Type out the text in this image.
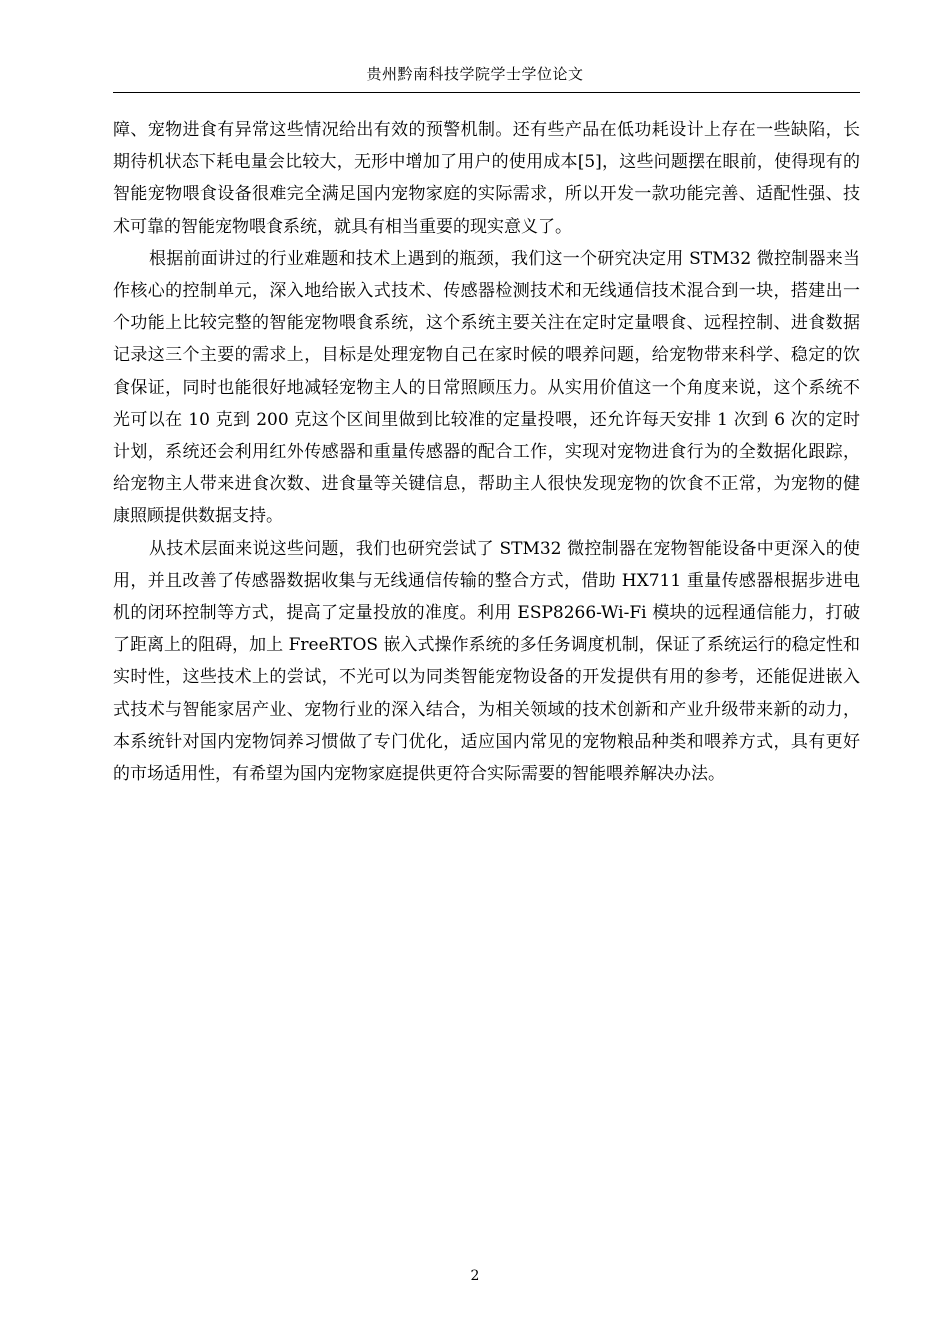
贵州黔南科技学院学士学位论文

障、宠物进食有异常这些情况给出有效的预警机制。还有些产品在低功耗设计上存在一些缺陷，长期待机状态下耗电量会比较大，无形中增加了用户的使用成本[5]，这些问题摆在眼前，使得现有的智能宠物喂食设备很难完全满足国内宠物家庭的实际需求，所以开发一款功能完善、适配性强、技术可靠的智能宠物喂食系统，就具有相当重要的现实意义了。

根据前面讲过的行业难题和技术上遇到的瓶颈，我们这一个研究决定用 STM32 微控制器来当作核心的控制单元，深入地给嵌入式技术、传感器检测技术和无线通信技术混合到一块，搭建出一个功能上比较完整的智能宠物喂食系统，这个系统主要关注在定时定量喂食、远程控制、进食数据记录这三个主要的需求上，目标是处理宠物自己在家时候的喂养问题，给宠物带来科学、稳定的饮食保证，同时也能很好地减轻宠物主人的日常照顾压力。从实用价值这一个角度来说，这个系统不光可以在 10 克到 200 克这个区间里做到比较准的定量投喂，还允许每天安排 1 次到 6 次的定时计划，系统还会利用红外传感器和重量传感器的配合工作，实现对宠物进食行为的全数据化跟踪，给宠物主人带来进食次数、进食量等关键信息，帮助主人很快发现宠物的饮食不正常，为宠物的健康照顾提供数据支持。

从技术层面来说这些问题，我们也研究尝试了 STM32 微控制器在宠物智能设备中更深入的使用，并且改善了传感器数据收集与无线通信传输的整合方式，借助 HX711 重量传感器根据步进电机的闭环控制等方式，提高了定量投放的准度。利用 ESP8266-Wi-Fi 模块的远程通信能力，打破了距离上的阻碍，加上 FreeRTOS 嵌入式操作系统的多任务调度机制，保证了系统运行的稳定性和实时性，这些技术上的尝试，不光可以为同类智能宠物设备的开发提供有用的参考，还能促进嵌入式技术与智能家居产业、宠物行业的深入结合，为相关领域的技术创新和产业升级带来新的动力，本系统针对国内宠物饲养习惯做了专门优化，适应国内常见的宠物粮品种类和喂养方式，具有更好的市场适用性，有希望为国内宠物家庭提供更符合实际需要的智能喂养解决办法。

2
